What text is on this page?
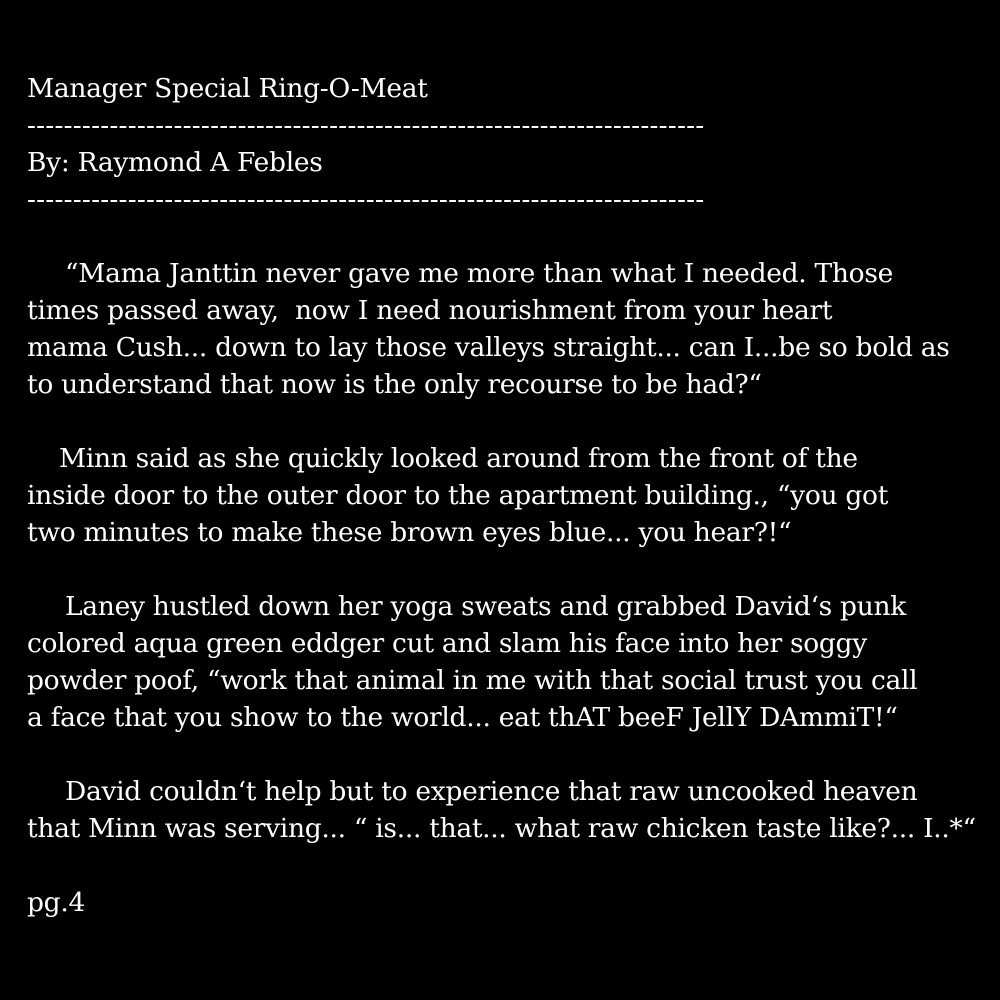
Manager Special Ring-O-Meat
--------------------------------------------------------------------------
By: Raymond A Febles
--------------------------------------------------------------------------
“Mama Janttin never gave me more than what I needed. Those
times passed away,  now I need nourishment from your heart
mama Cush... down to lay those valleys straight... can I...be so bold as
to understand that now is the only recourse to be had?“
Minn said as she quickly looked around from the front of the
inside door to the outer door to the apartment building., “you got
two minutes to make these brown eyes blue... you hear?!“
Laney hustled down her yoga sweats and grabbed David‘s punk
colored aqua green eddger cut and slam his face into her soggy
powder poof, “work that animal in me with that social trust you call
a face that you show to the world... eat thAT beeF JellY DAmmiT!“
David couldn‘t help but to experience that raw uncooked heaven
that Minn was serving... “ is... that... what raw chicken taste like?... I..*“
pg.4
